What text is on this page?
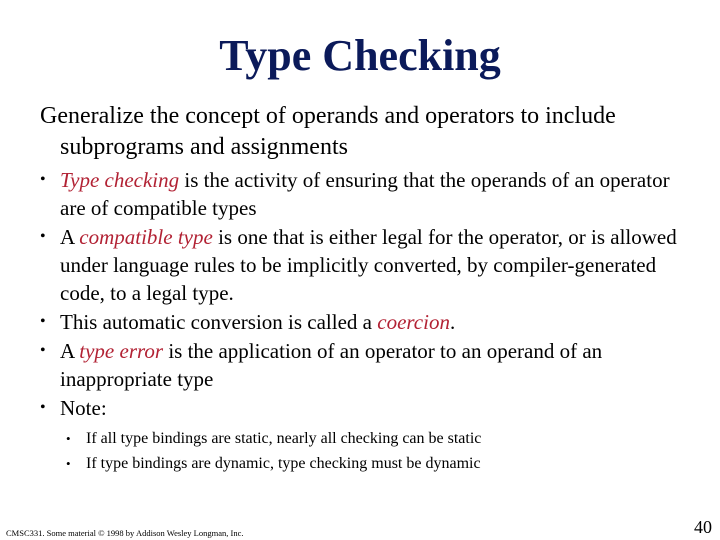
Type Checking
Generalize the concept of operands and operators to include subprograms and assignments
• Type checking is the activity of ensuring that the operands of an operator are of compatible types
• A compatible type is one that is either legal for the operator, or is allowed under language rules to be implicitly converted, by compiler-generated code, to a legal type.
• This automatic conversion is called a coercion.
• A type error is the application of an operator to an operand of an inappropriate type
• Note:
• If all type bindings are static, nearly all checking can be static
• If type bindings are dynamic, type checking must be dynamic
CMSC331. Some material © 1998 by Addison Wesley Longman, Inc.	40
